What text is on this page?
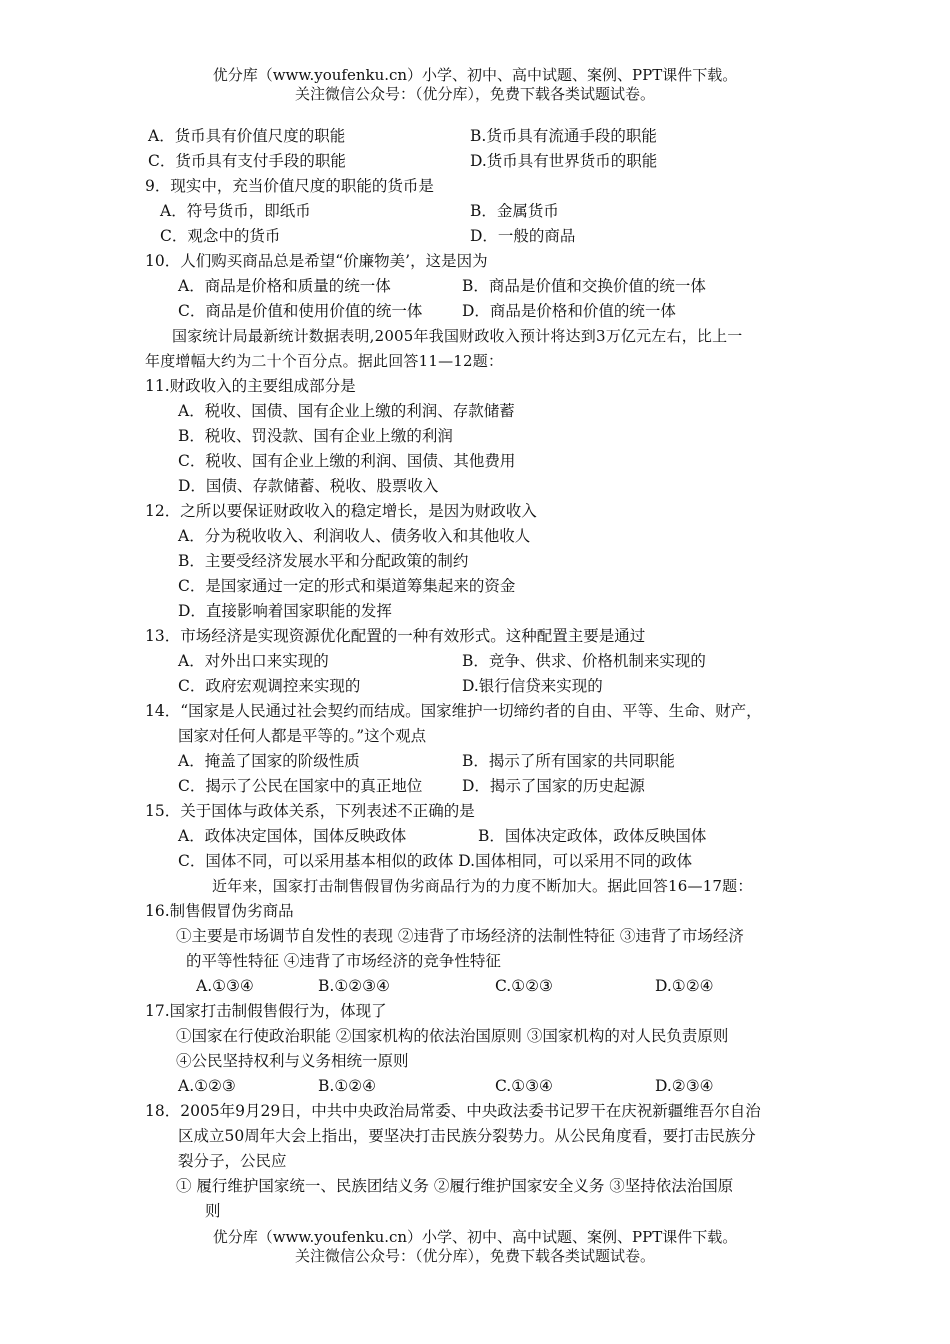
优分库（www.youfenku.cn）小学、初中、高中试题、案例、PPT课件下载。
关注微信公众号：（优分库），免费下载各类试题试卷。
A．货币具有价值尺度的职能	B.货币具有流通手段的职能
C．货币具有支付手段的职能	D.货币具有世界货币的职能
9．现实中，充当价值尺度的职能的货币是
A．符号货币，即纸币	B．金属货币
C．观念中的货币	D．一般的商品
10．人们购买商品总是希望“价廉物美’，这是因为
A．商品是价格和质量的统一体	B．商品是价值和交换价值的统一体
C．商品是价值和使用价值的统一体	D．商品是价格和价值的统一体
国家统计局最新统计数据表明,2005年我国财政收入预计将达到3万亿元左右，比上一
年度增幅大约为二十个百分点。据此回答11—12题：
11.财政收入的主要组成部分是
A．税收、国债、国有企业上缴的利润、存款储蓄
B．税收、罚没款、国有企业上缴的利润
C．税收、国有企业上缴的利润、国债、其他费用
D．国债、存款储蓄、税收、股票收入
12．之所以要保证财政收入的稳定增长，是因为财政收入
A．分为税收收入、利润收人、债务收入和其他收人
B．主要受经济发展水平和分配政策的制约
C．是国家通过一定的形式和渠道筹集起来的资金
D．直接影响着国家职能的发挥
13．市场经济是实现资源优化配置的一种有效形式。这种配置主要是通过
A．对外出口来实现的	B．竞争、供求、价格机制来实现的
C．政府宏观调控来实现的	D.银行信贷来实现的
14．“国家是人民通过社会契约而结成。国家维护一切缔约者的自由、平等、生命、财产，
国家对任何人都是平等的。”这个观点
A．掩盖了国家的阶级性质	B．揭示了所有国家的共同职能
C．揭示了公民在国家中的真正地位	D．揭示了国家的历史起源
15．关于国体与政体关系，下列表述不正确的是
A．政体决定国体，国体反映政体	B．国体决定政体，政体反映国体
C．国体不同，可以采用基本相似的政体 D.国体相同，可以采用不同的政体
近年来，国家打击制售假冒伪劣商品行为的力度不断加大。据此回答16—17题：
16.制售假冒伪劣商品
①主要是市场调节自发性的表现 ②违背了市场经济的法制性特征 ③违背了市场经济
的平等性特征 ④违背了市场经济的竞争性特征
A.①③④	B.①②③④	C.①②③	D.①②④
17.国家打击制假售假行为，体现了
①国家在行使政治职能 ②国家机构的依法治国原则 ③国家机构的对人民负责原则
④公民坚持权利与义务相统一原则
A.①②③	B.①②④	C.①③④	D.②③④
18．2005年9月29日，中共中央政治局常委、中央政法委书记罗干在庆祝新疆维吾尔自治
区成立50周年大会上指出，要坚决打击民族分裂势力。从公民角度看，要打击民族分
裂分子，公民应
① 履行维护国家统一、民族团结义务 ②履行维护国家安全义务 ③坚持依法治国原
则
优分库（www.youfenku.cn）小学、初中、高中试题、案例、PPT课件下载。
关注微信公众号：（优分库），免费下载各类试题试卷。
